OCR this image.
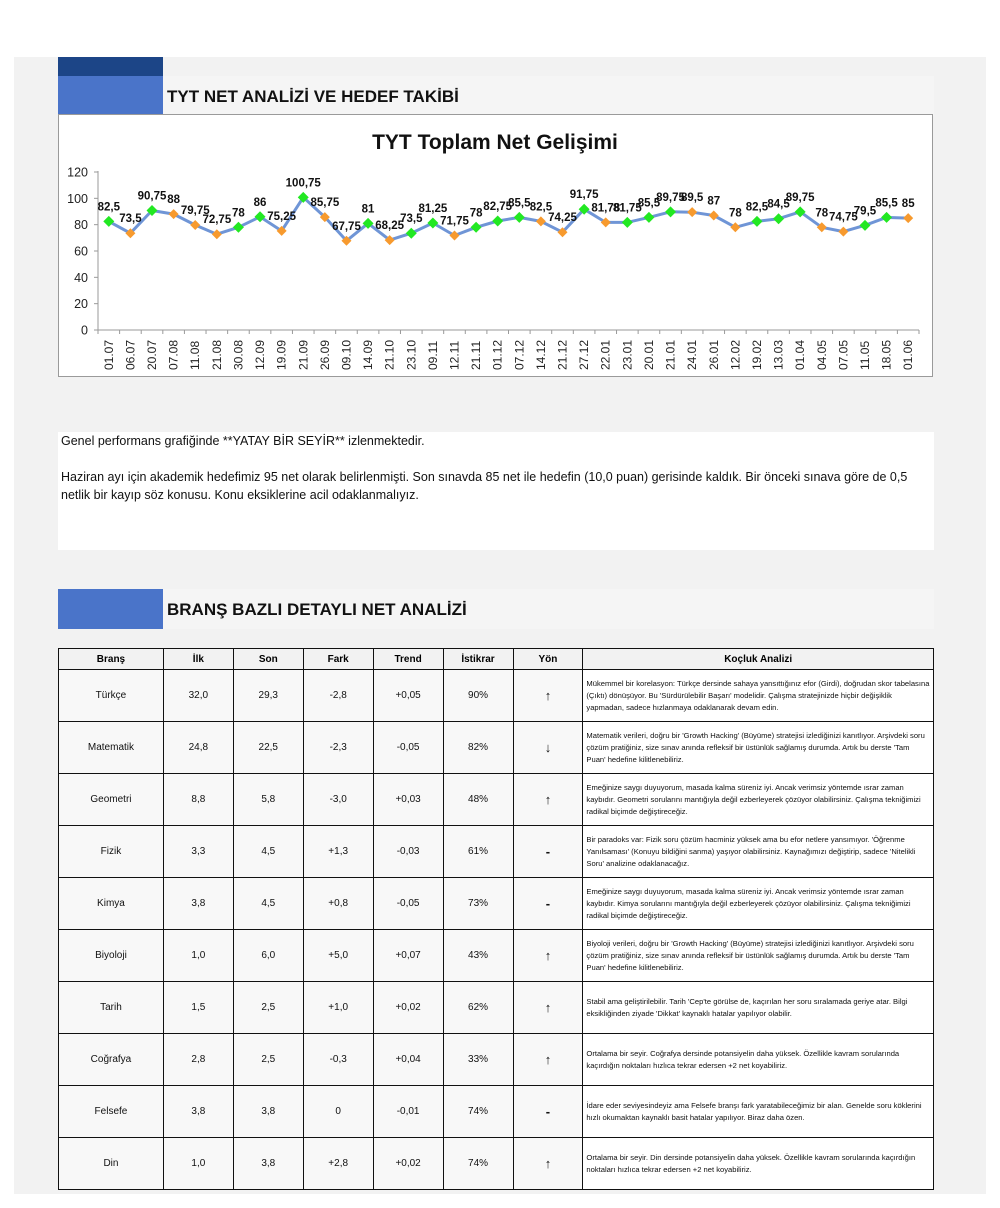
TYT NET ANALİZİ VE HEDEF TAKİBİ
TYT Toplam Net Gelişimi
0
20
40
60
80
100
120
01.07 06.07 20.07 07.08 11.08 21.08 30.08 12.09 19.09 21.09 26.09 09.10 14.09 21.10 23.10 09.11 12.11 21.11 01.12 07.12 14.12 21.12 27.12 22.01 23.01 20.01 21.01 24.01 26.01 12.02 19.02 13.03 01.04 04.05 07.05 11.05 18.05 01.06
82,5
73,5
90,75 88
79,75
72,75
78
86
75,25
100,75
85,75
67,75
81
68,25
73,5
81,25
71,75
78
82,75
85,5 82,5
74,25
91,75
81,78
81,75
85,5
89,75
89,5 87
78 82,5 84,5
89,75
78 74,75
79,5
85,5 85

Genel performans grafiğinde **YATAY BİR SEYİR** izlenmektedir.

Haziran ayı için akademik hedefimiz 95 net olarak belirlenmişti. Son sınavda 85 net ile hedefin (10,0 puan) gerisinde kaldık. Bir önceki sınava göre de 0,5 netlik bir kayıp söz konusu. Konu eksiklerine acil odaklanmalıyız.

BRANŞ BAZLI DETAYLI NET ANALİZİ
Branş	İlk	Son	Fark	Trend	İstikrar	Yön	Koçluk Analizi
Türkçe	32,0	29,3	-2,8	+0,05	90%	↑	Mükemmel bir korelasyon: Türkçe dersinde sahaya yansıttığınız efor (Girdi), doğrudan skor tabelasına (Çıktı) dönüşüyor. Bu 'Sürdürülebilir Başarı' modelidir. Çalışma stratejinizde hiçbir değişiklik yapmadan, sadece hızlanmaya odaklanarak devam edin.
Matematik	24,8	22,5	-2,3	-0,05	82%	↓	Matematik verileri, doğru bir 'Growth Hacking' (Büyüme) stratejisi izlediğinizi kanıtlıyor. Arşivdeki soru çözüm pratiğiniz, size sınav anında refleksif bir üstünlük sağlamış durumda. Artık bu derste 'Tam Puan' hedefine kilitlenebiliriz.
Geometri	8,8	5,8	-3,0	+0,03	48%	↑	Emeğinize saygı duyuyorum, masada kalma süreniz iyi. Ancak verimsiz yöntemde ısrar zaman kaybıdır. Geometri sorularını mantığıyla değil ezberleyerek çözüyor olabilirsiniz. Çalışma tekniğimizi radikal biçimde değiştireceğiz.
Fizik	3,3	4,5	+1,3	-0,03	61%	-	Bir paradoks var: Fizik soru çözüm hacminiz yüksek ama bu efor netlere yansımıyor. 'Öğrenme Yanılsaması' (Konuyu bildiğini sanma) yaşıyor olabilirsiniz. Kaynağımızı değiştirip, sadece 'Nitelikli Soru' analizine odaklanacağız.
Kimya	3,8	4,5	+0,8	-0,05	73%	-	Emeğinize saygı duyuyorum, masada kalma süreniz iyi. Ancak verimsiz yöntemde ısrar zaman kaybıdır. Kimya sorularını mantığıyla değil ezberleyerek çözüyor olabilirsiniz. Çalışma tekniğimizi radikal biçimde değiştireceğiz.
Biyoloji	1,0	6,0	+5,0	+0,07	43%	↑	Biyoloji verileri, doğru bir 'Growth Hacking' (Büyüme) stratejisi izlediğinizi kanıtlıyor. Arşivdeki soru çözüm pratiğiniz, size sınav anında refleksif bir üstünlük sağlamış durumda. Artık bu derste 'Tam Puan' hedefine kilitlenebiliriz.
Tarih	1,5	2,5	+1,0	+0,02	62%	↑	Stabil ama geliştirilebilir. Tarih 'Cep'te görülse de, kaçırılan her soru sıralamada geriye atar. Bilgi eksikliğinden ziyade 'Dikkat' kaynaklı hatalar yapılıyor olabilir.
Coğrafya	2,8	2,5	-0,3	+0,04	33%	↑	Ortalama bir seyir. Coğrafya dersinde potansiyelin daha yüksek. Özellikle kavram sorularında kaçırdığın noktaları hızlıca tekrar edersen +2 net koyabiliriz.
Felsefe	3,8	3,8	0	-0,01	74%	-	İdare eder seviyesindeyiz ama Felsefe branşı fark yaratabileceğimiz bir alan. Genelde soru köklerini hızlı okumaktan kaynaklı basit hatalar yapılıyor. Biraz daha özen.
Din	1,0	3,8	+2,8	+0,02	74%	↑	Ortalama bir seyir. Din dersinde potansiyelin daha yüksek. Özellikle kavram sorularında kaçırdığın noktaları hızlıca tekrar edersen +2 net koyabiliriz.
